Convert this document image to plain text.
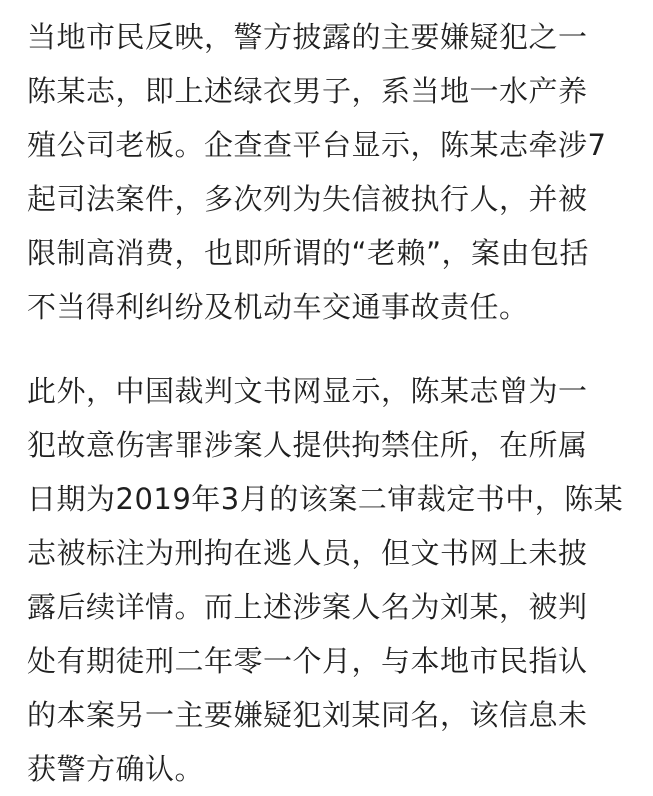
当地市民反映，警方披露的主要嫌疑犯之一
陈某志，即上述绿衣男子，系当地一水产养
殖公司老板。企查查平台显示，陈某志牵涉7
起司法案件，多次列为失信被执行人，并被
限制高消费，也即所谓的“老赖”，案由包括
不当得利纠纷及机动车交通事故责任。
此外，中国裁判文书网显示，陈某志曾为一
犯故意伤害罪涉案人提供拘禁住所，在所属
日期为2019年3月的该案二审裁定书中，陈某
志被标注为刑拘在逃人员，但文书网上未披
露后续详情。而上述涉案人名为刘某，被判
处有期徒刑二年零一个月，与本地市民指认
的本案另一主要嫌疑犯刘某同名，该信息未
获警方确认。
